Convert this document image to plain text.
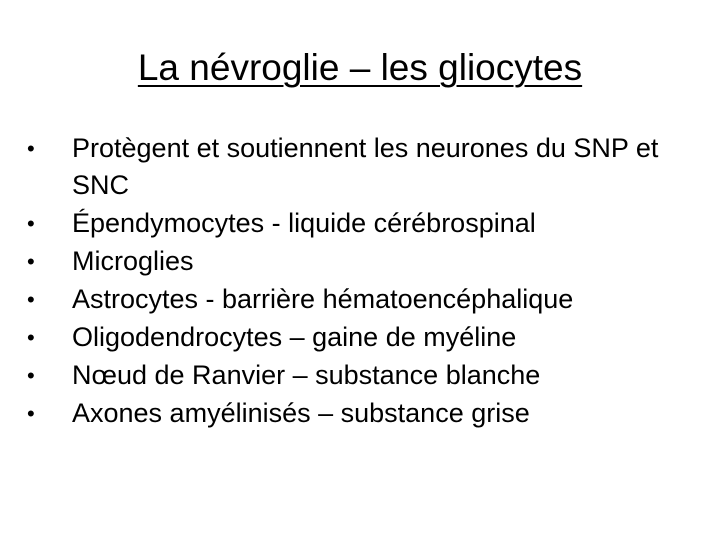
La névroglie – les gliocytes
•	Protègent et soutiennent les neurones du SNP et SNC
•	Épendymocytes - liquide cérébrospinal
•	Microglies
•	Astrocytes - barrière hématoencéphalique
•	Oligodendrocytes – gaine de myéline
•	Nœud de Ranvier – substance blanche
•	Axones amyélinisés – substance grise
